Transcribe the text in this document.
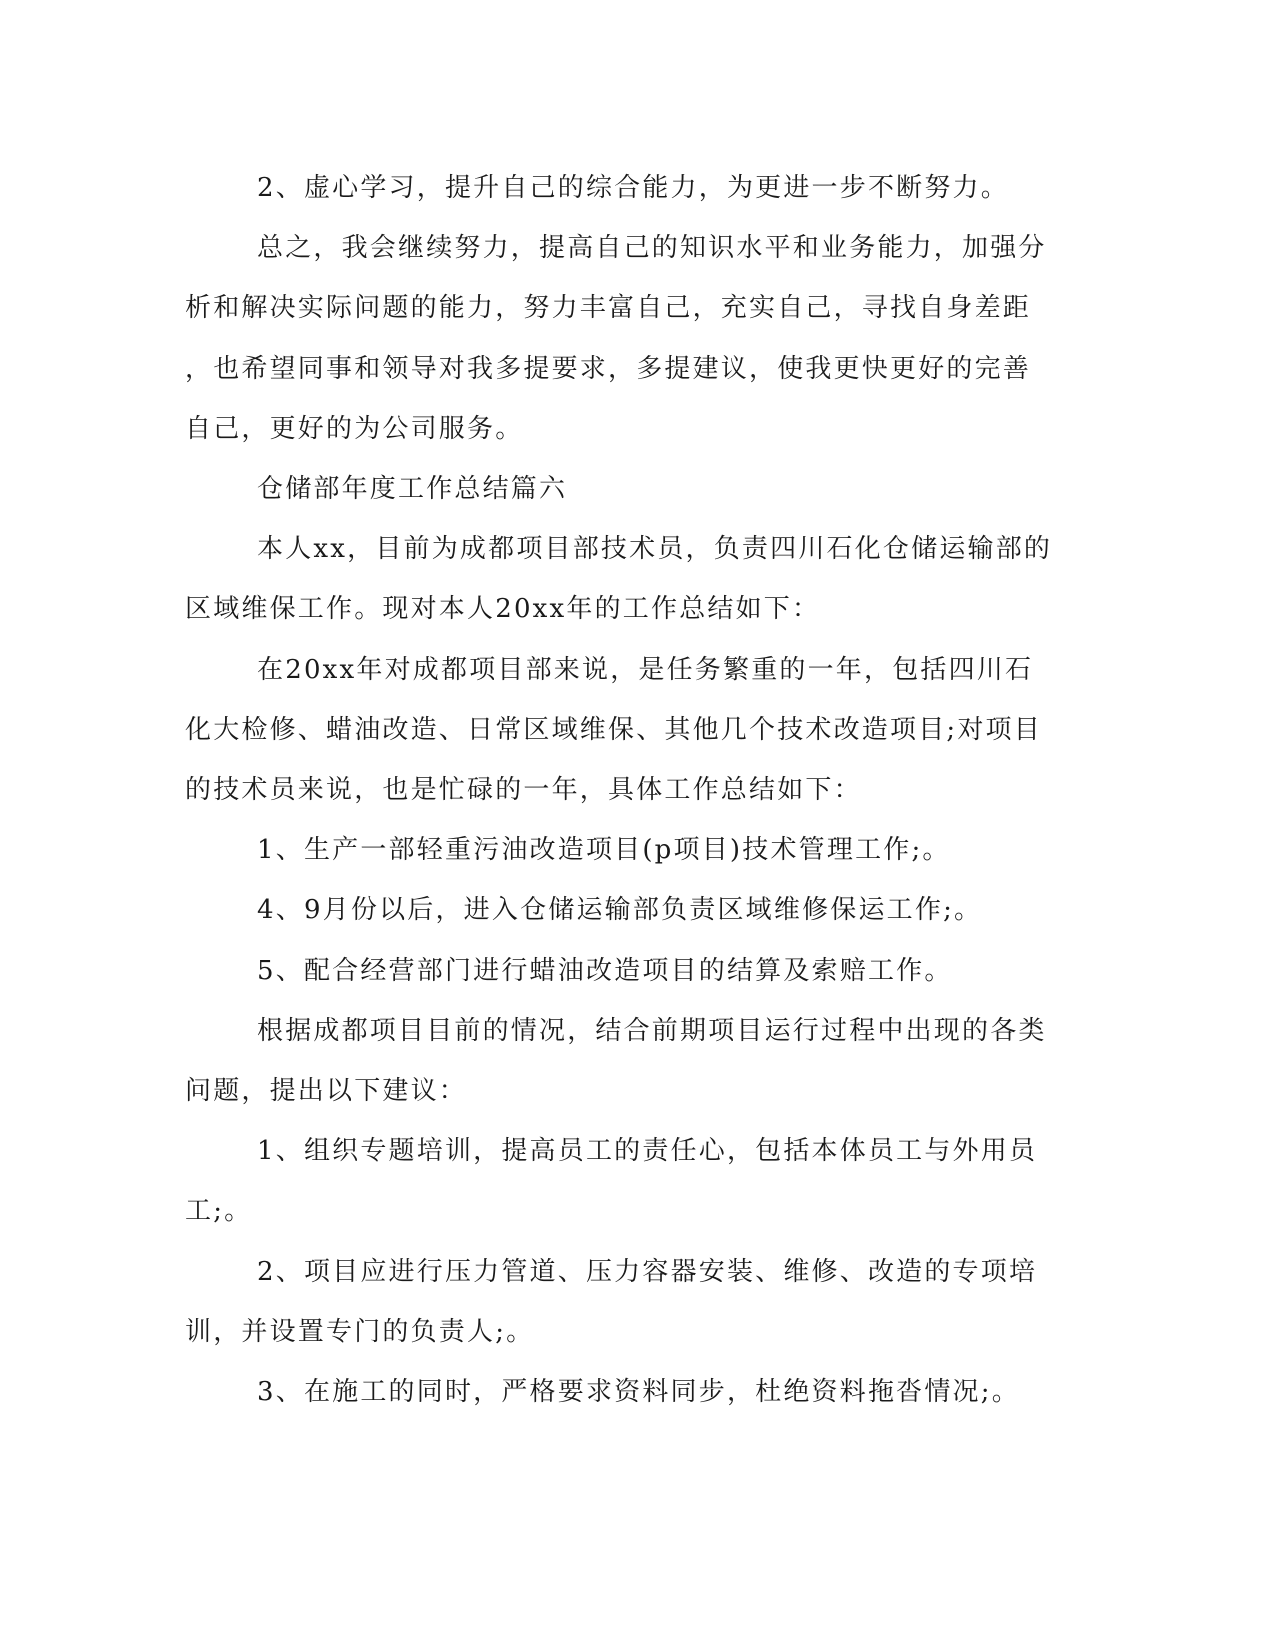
2、虚心学习，提升自己的综合能力，为更进一步不断努力。

总之，我会继续努力，提高自己的知识水平和业务能力，加强分

析和解决实际问题的能力，努力丰富自己，充实自己，寻找自身差距

，也希望同事和领导对我多提要求，多提建议，使我更快更好的完善

自己，更好的为公司服务。

仓储部年度工作总结篇六

本人xx，目前为成都项目部技术员，负责四川石化仓储运输部的

区域维保工作。现对本人20xx年的工作总结如下：

在20xx年对成都项目部来说，是任务繁重的一年，包括四川石

化大检修、蜡油改造、日常区域维保、其他几个技术改造项目;对项目

的技术员来说，也是忙碌的一年，具体工作总结如下：

1、生产一部轻重污油改造项目(p项目)技术管理工作;。

4、9月份以后，进入仓储运输部负责区域维修保运工作;。

5、配合经营部门进行蜡油改造项目的结算及索赔工作。

根据成都项目目前的情况，结合前期项目运行过程中出现的各类

问题，提出以下建议：

1、组织专题培训，提高员工的责任心，包括本体员工与外用员

工;。

2、项目应进行压力管道、压力容器安装、维修、改造的专项培

训，并设置专门的负责人;。

3、在施工的同时，严格要求资料同步，杜绝资料拖沓情况;。
